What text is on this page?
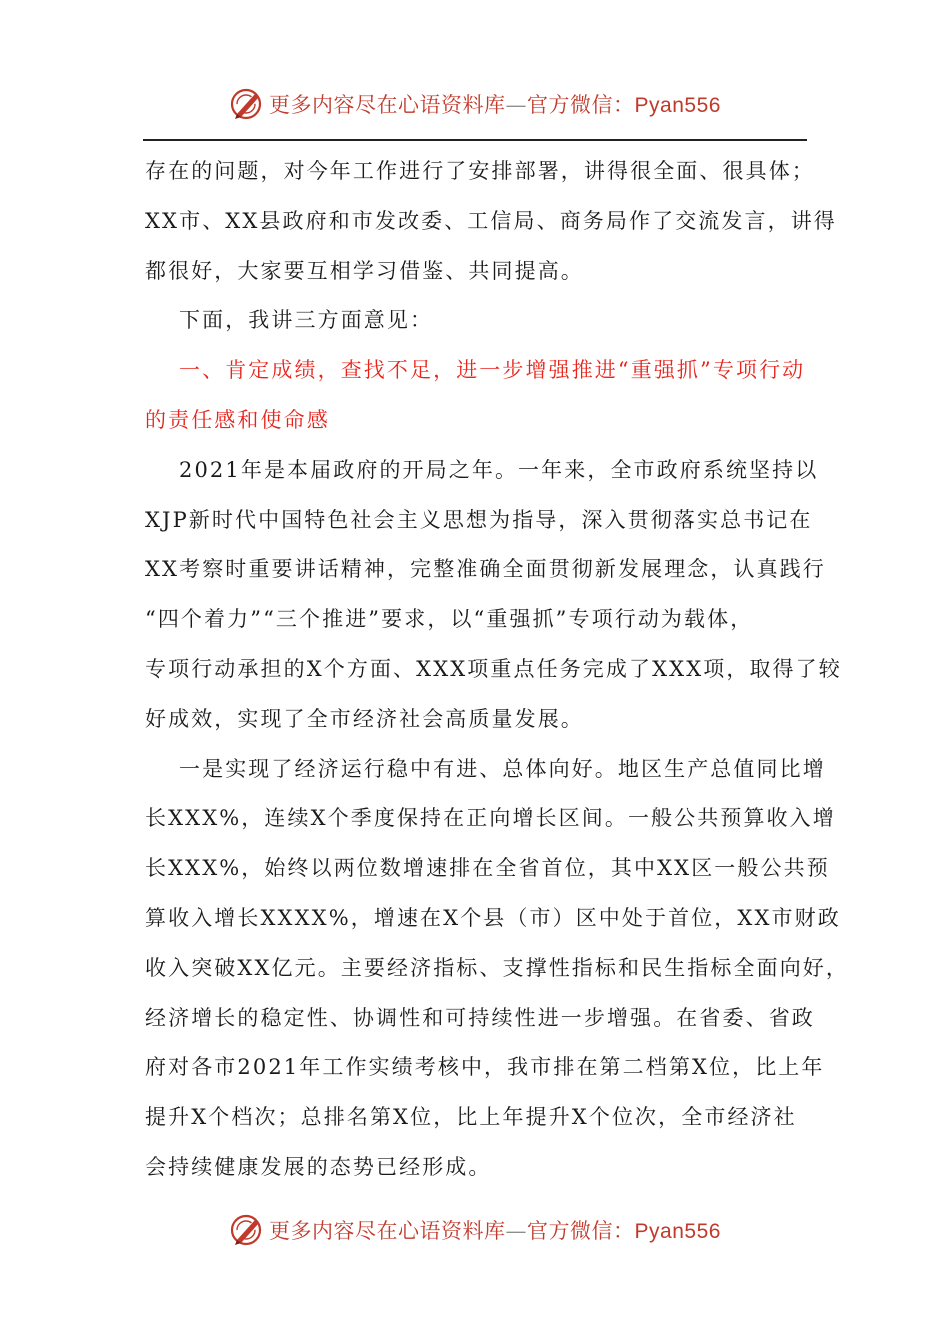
更多内容尽在心语资料库—官方微信：Pyan556
存在的问题，对今年工作进行了安排部署，讲得很全面、很具体；
XX市、XX县政府和市发改委、工信局、商务局作了交流发言，讲得
都很好，大家要互相学习借鉴、共同提高。
下面，我讲三方面意见：
一、肯定成绩，查找不足，进一步增强推进“重强抓”专项行动
的责任感和使命感
2021年是本届政府的开局之年。一年来，全市政府系统坚持以
XJP新时代中国特色社会主义思想为指导，深入贯彻落实总书记在
XX考察时重要讲话精神，完整准确全面贯彻新发展理念，认真践行
“四个着力”“三个推进”要求，以“重强抓”专项行动为载体，
专项行动承担的X个方面、XXX项重点任务完成了XXX项，取得了较
好成效，实现了全市经济社会高质量发展。
一是实现了经济运行稳中有进、总体向好。地区生产总值同比增
长XXX%，连续X个季度保持在正向增长区间。一般公共预算收入增
长XXX%，始终以两位数增速排在全省首位，其中XX区一般公共预
算收入增长XXXX%，增速在X个县（市）区中处于首位，XX市财政
收入突破XX亿元。主要经济指标、支撑性指标和民生指标全面向好，
经济增长的稳定性、协调性和可持续性进一步增强。在省委、省政
府对各市2021年工作实绩考核中，我市排在第二档第X位，比上年
提升X个档次；总排名第X位，比上年提升X个位次，全市经济社
会持续健康发展的态势已经形成。
更多内容尽在心语资料库—官方微信：Pyan556
